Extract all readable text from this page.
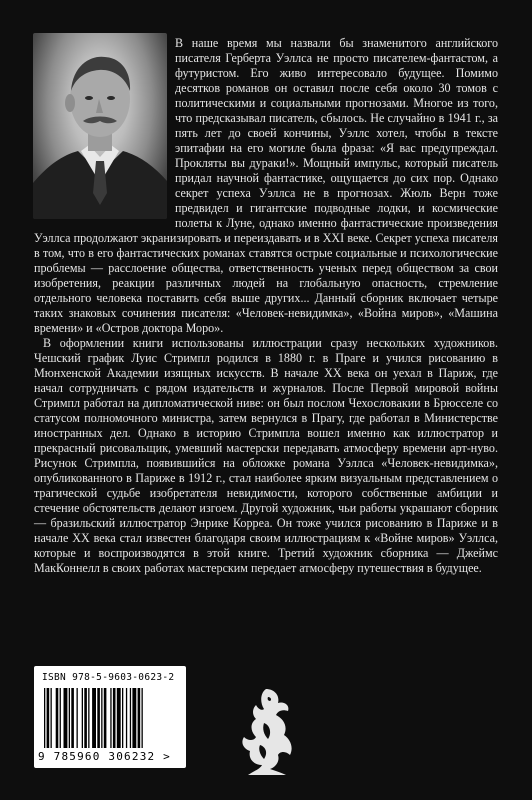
В наше время мы назвали бы знаменитого английского писателя Герберта Уэллса не просто писателем-фантастом, а футуристом. Его живо интересовало будущее. Помимо десятков романов он оставил после себя около 30 томов с политическими и социальными прогнозами. Многое из того, что предсказывал писатель, сбылось. Не случайно в 1941 г., за пять лет до своей кончины, Уэллс хотел, чтобы в тексте эпитафии на его могиле была фраза: «Я вас предупреждал. Прокляты вы дураки!». Мощный импульс, который писатель придал научной фантастике, ощущается до сих пор. Однако секрет успеха Уэллса не в прогнозах. Жюль Верн тоже предвидел и гигантские подводные лодки, и космические полеты к Луне, однако именно фантастические произведения Уэллса продолжают экранизировать и переиздавать и в XXI веке. Секрет успеха писателя в том, что в его фантастических романах ставятся острые социальные и психологические проблемы — расслоение общества, ответственность ученых перед обществом за свои изобретения, реакции различных людей на глобальную опасность, стремление отдельного человека поставить себя выше других... Данный сборник включает четыре таких знаковых сочинения писателя: «Человек-невидимка», «Война миров», «Машина времени» и «Остров доктора Моро».

В оформлении книги использованы иллюстрации сразу нескольких художников. Чешский график Луис Стримпл родился в 1880 г. в Праге и учился рисованию в Мюнхенской Академии изящных искусств. В начале XX века он уехал в Париж, где начал сотрудничать с рядом издательств и журналов. После Первой мировой войны Стримпл работал на дипломатической ниве: он был послом Чехословакии в Брюсселе со статусом полномочного министра, затем вернулся в Прагу, где работал в Министерстве иностранных дел. Однако в историю Стримпла вошел именно как иллюстратор и прекрасный рисовальщик, умевший мастерски передавать атмосферу времени арт-нуво. Рисунок Стримпла, появившийся на обложке романа Уэллса «Человек-невидимка», опубликованного в Париже в 1912 г., стал наиболее ярким визуальным представлением о трагической судьбе изобретателя невидимости, которого собственные амбиции и стечение обстоятельств делают изгоем. Другой художник, чьи работы украшают сборник — бразильский иллюстратор Энрике Корреа. Он тоже учился рисованию в Париже и в начале XX века стал известен благодаря своим иллюстрациям к «Войне миров» Уэллса, которые и воспроизводятся в этой книге. Третий художник сборника — Джеймс МакКоннелл в своих работах мастерским передает атмосферу путешествия в будущее.

ISBN 978-5-9603-0623-2
9 785960 306232 >
